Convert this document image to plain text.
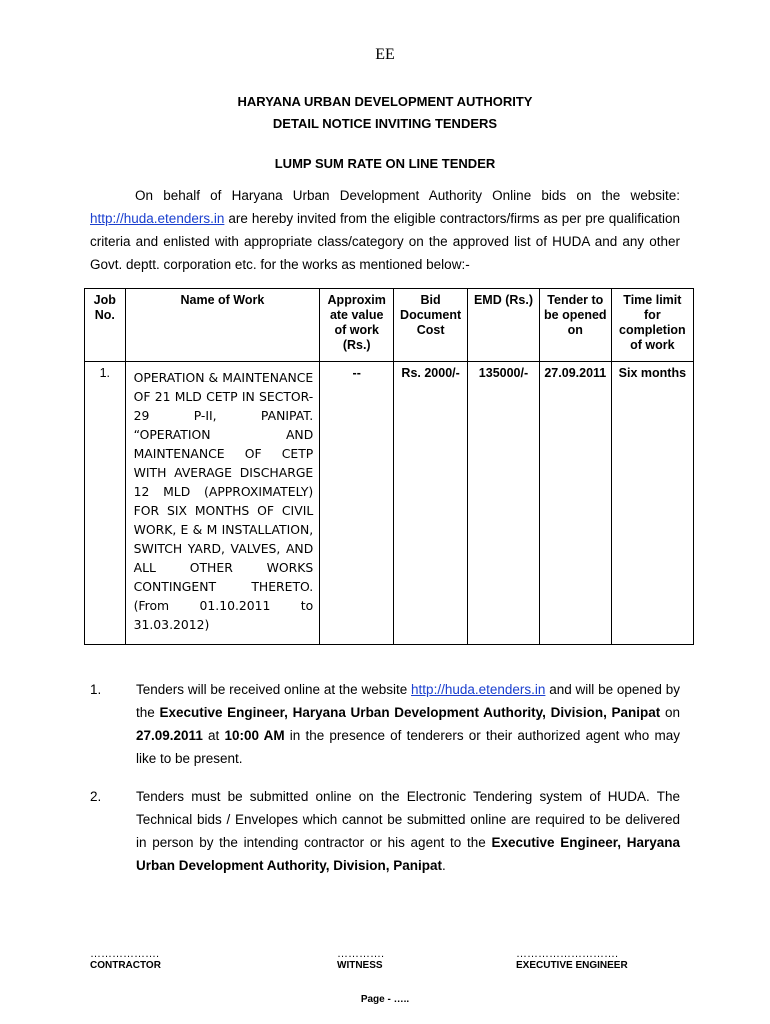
EE
HARYANA URBAN DEVELOPMENT AUTHORITY
DETAIL NOTICE INVITING TENDERS
LUMP SUM RATE ON LINE TENDER
On behalf of Haryana Urban Development Authority Online bids on the website: http://huda.etenders.in are hereby invited from the eligible contractors/firms as per pre qualification criteria and enlisted with appropriate class/category on the approved list of HUDA and any other Govt. deptt. corporation etc. for the works as mentioned below:-
Job No.	Name of Work	Approxim ate value of work (Rs.)	Bid Document Cost	EMD (Rs.)	Tender to be opened on	Time limit for completion of work
1.	OPERATION & MAINTENANCE OF 21 MLD CETP IN SECTOR-29 P-II, PANIPAT. “OPERATION AND MAINTENANCE OF CETP WITH AVERAGE DISCHARGE 12 MLD (APPROXIMATELY) FOR SIX MONTHS OF CIVIL WORK, E & M INSTALLATION, SWITCH YARD, VALVES, AND ALL OTHER WORKS CONTINGENT THERETO. (From 01.10.2011 to 31.03.2012)	--	Rs. 2000/-	135000/-	27.09.2011	Six months
1.	Tenders will be received online at the website http://huda.etenders.in and will be opened by the Executive Engineer, Haryana Urban Development Authority, Division, Panipat on 27.09.2011 at 10:00 AM in the presence of tenderers or their authorized agent who may like to be present.
2.	Tenders must be submitted online on the Electronic Tendering system of HUDA. The Technical bids / Envelopes which cannot be submitted online are required to be delivered in person by the intending contractor or his agent to the Executive Engineer, Haryana Urban Development Authority, Division, Panipat.
……………….
CONTRACTOR
………….
WITNESS
……………………….
EXECUTIVE ENGINEER
Page - …..
